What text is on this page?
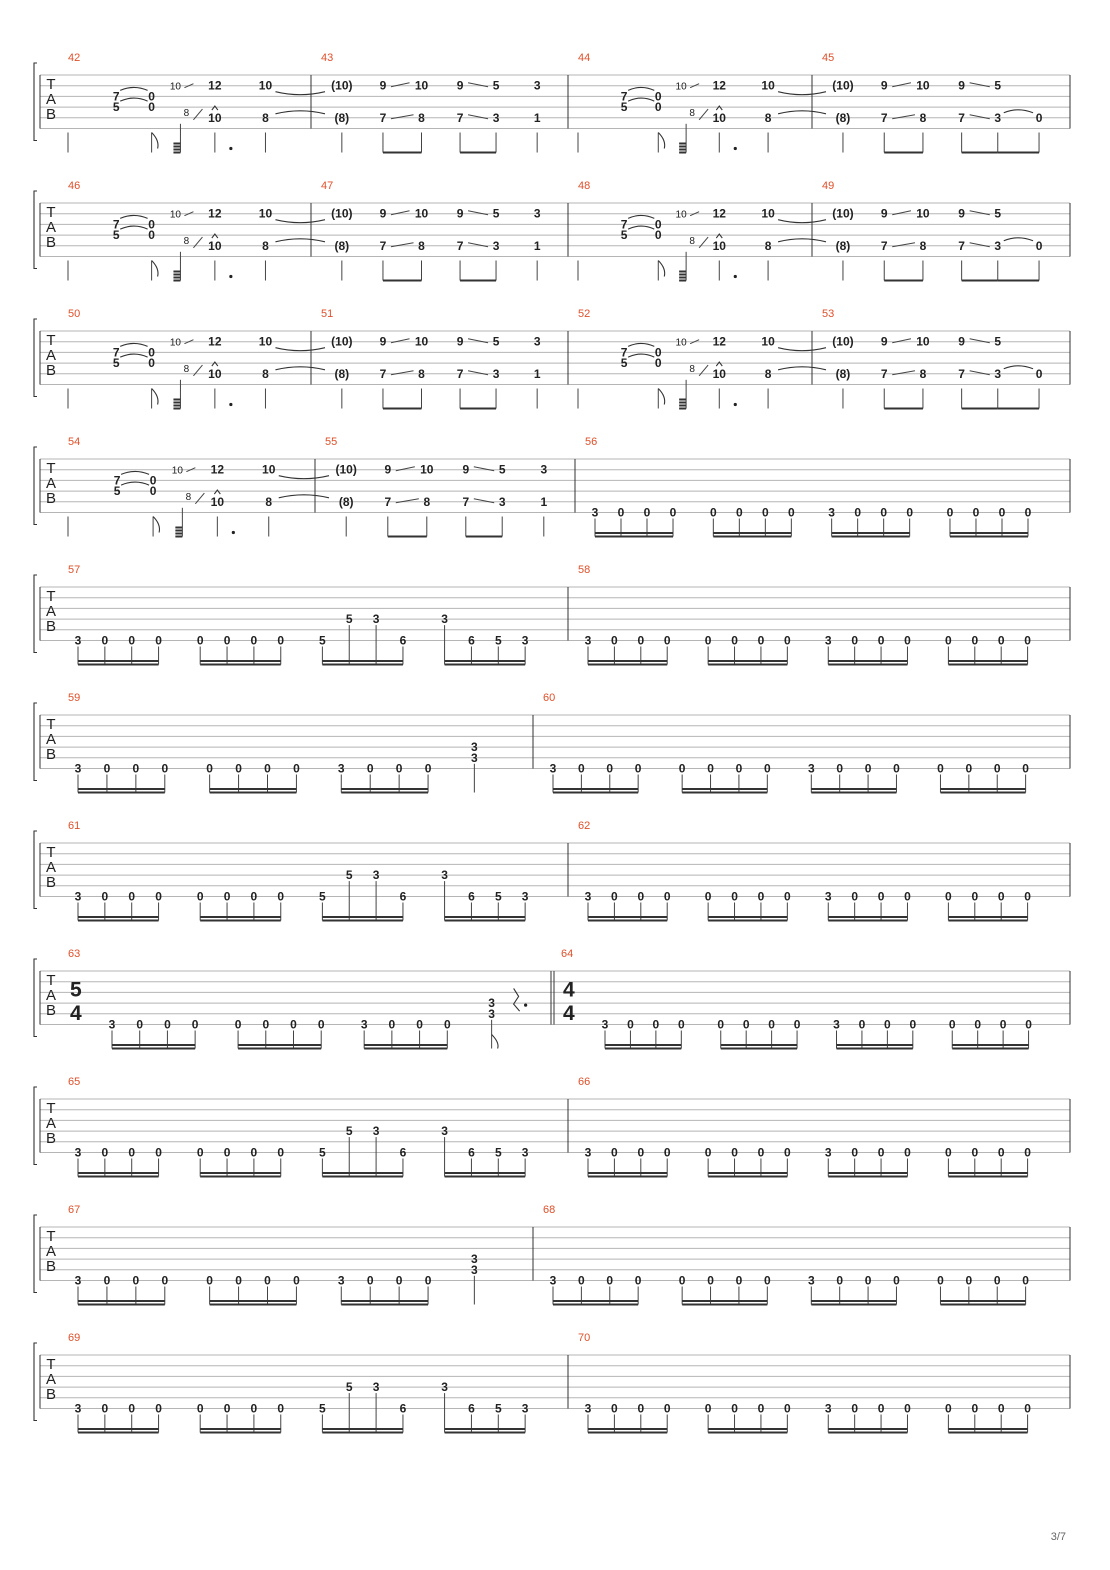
T
A
B
42
7
5
0
0
10
8
12
10
10
8
43
(10)
(8)
9
7
10
8
9
7
5
3
3
1
44
7
5
0
0
10
8
12
10
10
8
45
(10)
(8)
9
7
10
8
9
7
5
3	0
T
A
B
46
7
5
0
0
10
8
12
10
10
8
47
(10)
(8)
9
7
10
8
9
7
5
3
3
1
48
7
5
0
0
10
8
12
10
10
8
49
(10)
(8)
9
7
10
8
9
7
5
3	0
T
A
B
50
7
5
0
0
10
8
12
10
10
8
51
(10)
(8)
9
7
10
8
9
7
5
3
3
1
52
7
5
0
0
10
8
12
10
10
8
53
(10)
(8)
9
7
10
8
9
7
5
3	0
T
A
B
54
7
5
0
0
10
8
12
10
10
8
55
(10)
(8)
9
7
10
8
9
7
5
3
3
1
56
3 0 0 0	0 0 0 0	3 0 0 0	0 0 0 0
T
A
B
57
3 0 0 0	0 0 0 0	5
5 3
6
3
6 5 3
58
3 0 0 0	0 0 0 0	3 0 0 0	0 0 0 0
T
A
B
59
3 0 0 0	0 0 0 0	3 0 0 0
3
3
60
3 0 0 0	0 0 0 0	3 0 0 0	0 0 0 0
T
A
B
61
3 0 0 0	0 0 0 0	5
5 3
6
3
6 5 3
62
3 0 0 0	0 0 0 0	3 0 0 0	0 0 0 0
T
A
B
63
3 0 0 0	0 0 0 0	3 0 0 0
3
3
5
4
64
3 0 0 0	0 0 0 0	3 0 0 0	0 0 0 0
4
4
T
A
B
65
3 0 0 0	0 0 0 0	5
5 3
6
3
6 5 3
66
3 0 0 0	0 0 0 0	3 0 0 0	0 0 0 0
T
A
B
67
3 0 0 0	0 0 0 0	3 0 0 0
3
3
68
3 0 0 0	0 0 0 0	3 0 0 0	0 0 0 0
T
A
B
69
3 0 0 0	0 0 0 0	5
5 3
6
3
6 5 3
70
3 0 0 0	0 0 0 0	3 0 0 0	0 0 0 0
3/7
